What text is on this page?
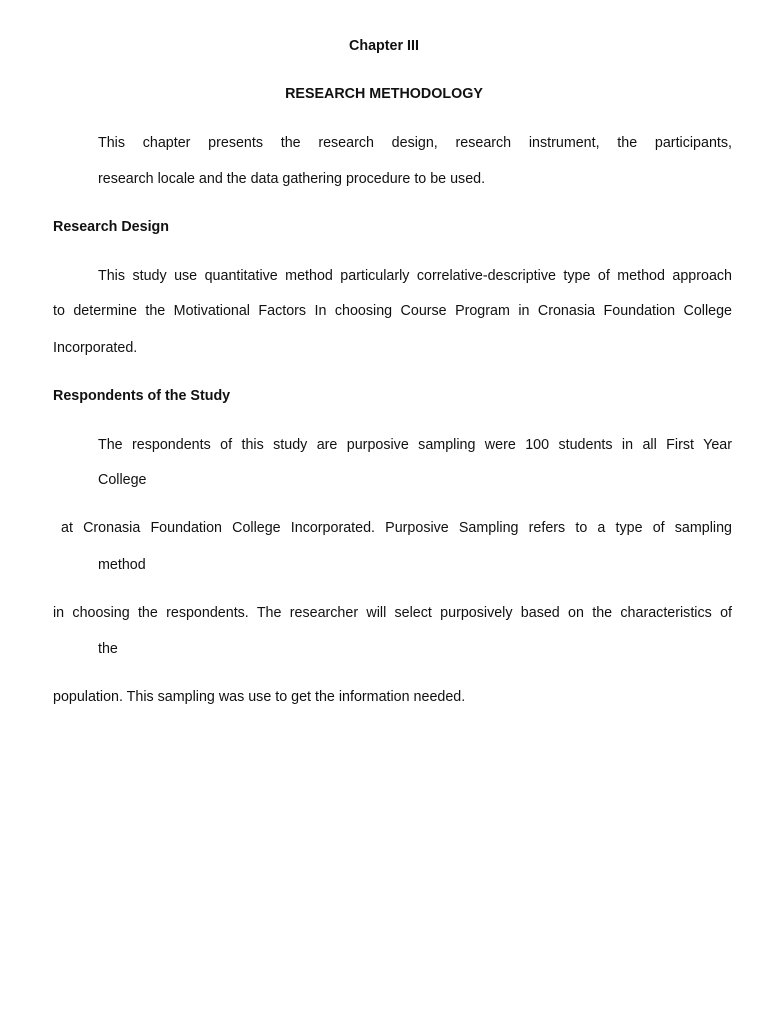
Chapter III
RESEARCH METHODOLOGY
This chapter presents the research design, research instrument, the participants,
research locale and the data gathering procedure to be used.
Research Design
This study use quantitative method particularly correlative-descriptive type of method approach
to determine the Motivational Factors In choosing Course Program in Cronasia Foundation College
Incorporated.
Respondents of the Study
The respondents of this study are purposive sampling were 100 students in all First Year
College
at Cronasia Foundation College Incorporated. Purposive Sampling refers to a type of sampling
method
in choosing the respondents. The researcher will select purposively based on the characteristics of
the
population. This sampling was use to get the information needed.
